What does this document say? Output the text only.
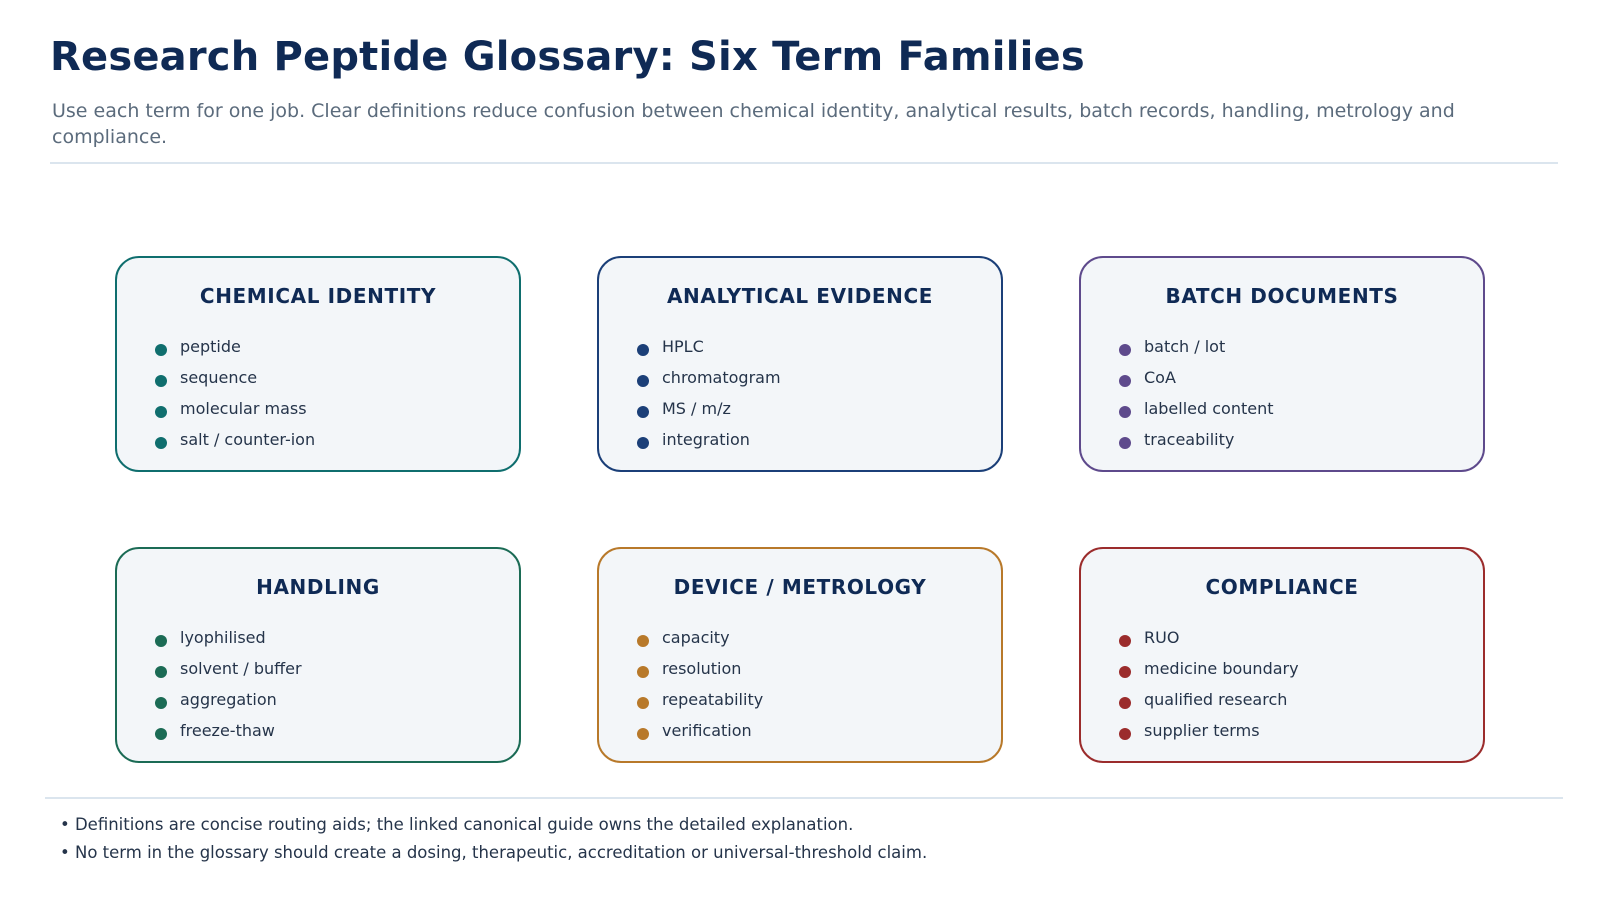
Research Peptide Glossary: Six Term Families

Use each term for one job. Clear definitions reduce confusion between chemical identity, analytical results, batch records, handling, metrology and compliance.

CHEMICAL IDENTITY
peptide
sequence
molecular mass
salt / counter-ion
ANALYTICAL EVIDENCE
HPLC
chromatogram
MS / m/z
integration
BATCH DOCUMENTS
batch / lot
CoA
labelled content
traceability
HANDLING
lyophilised
solvent / buffer
aggregation
freeze-thaw
DEVICE / METROLOGY
capacity
resolution
repeatability
verification
COMPLIANCE
RUO
medicine boundary
qualified research
supplier terms
• Definitions are concise routing aids; the linked canonical guide owns the detailed explanation.
• No term in the glossary should create a dosing, therapeutic, accreditation or universal-threshold claim.
